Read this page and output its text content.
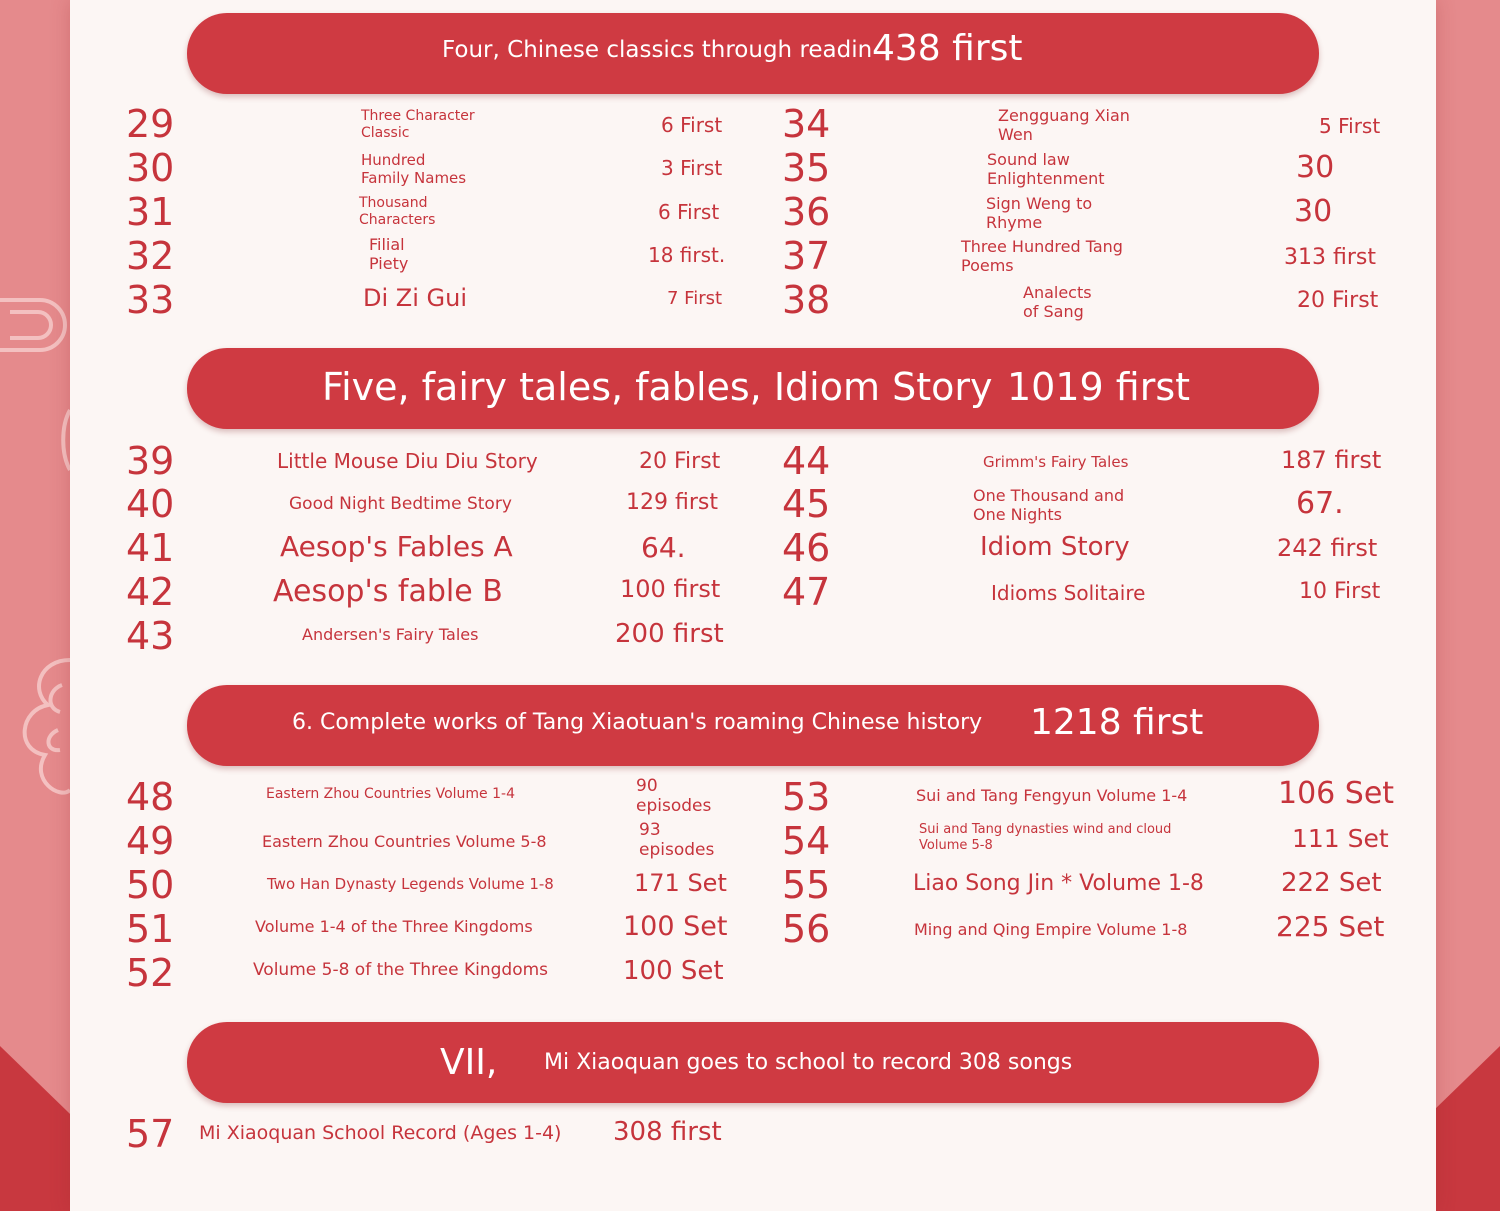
Four, Chinese classics through readin 438 first
29	Three Character
Classic	6 First
30	Hundred
Family Names	3 First
31	Thousand
Characters	6 First
32	Filial
Piety	18 first.
33	Di Zi Gui	7 First
34	Zengguang Xian
Wen	5 First
35	Sound law
Enlightenment	30
36	Sign Weng to
Rhyme	30
37	Three Hundred Tang
Poems	313 first
38	Analects
of Sang	20 First
Five, fairy tales, fables, Idiom Story 1019 first
39	Little Mouse Diu Diu Story	20 First
40	Good Night Bedtime Story	129 first
41	Aesop's Fables A	64.
42	Aesop's fable B	100 first
43	Andersen's Fairy Tales	200 first
44	Grimm's Fairy Tales	187 first
45	One Thousand and
One Nights	67.
46	Idiom Story	242 first
47	Idioms Solitaire	10 First
6. Complete works of Tang Xiaotuan's roaming Chinese history 1218 first
48	Eastern Zhou Countries Volume 1-4	90
episodes
49	Eastern Zhou Countries Volume 5-8
93
episodes
50	Two Han Dynasty Legends Volume 1-8	171 Set
51	Volume 1-4 of the Three Kingdoms	100 Set
52	Volume 5-8 of the Three Kingdoms	100 Set
53	Sui and Tang Fengyun Volume 1-4	106 Set
54	Sui and Tang dynasties wind and cloud
Volume 5-8	111 Set
55	Liao Song Jin * Volume 1-8	222 Set
56	Ming and Qing Empire Volume 1-8	225 Set
VII, Mi Xiaoquan goes to school to record 308 songs
57 Mi Xiaoquan School Record (Ages 1-4) 308 first
